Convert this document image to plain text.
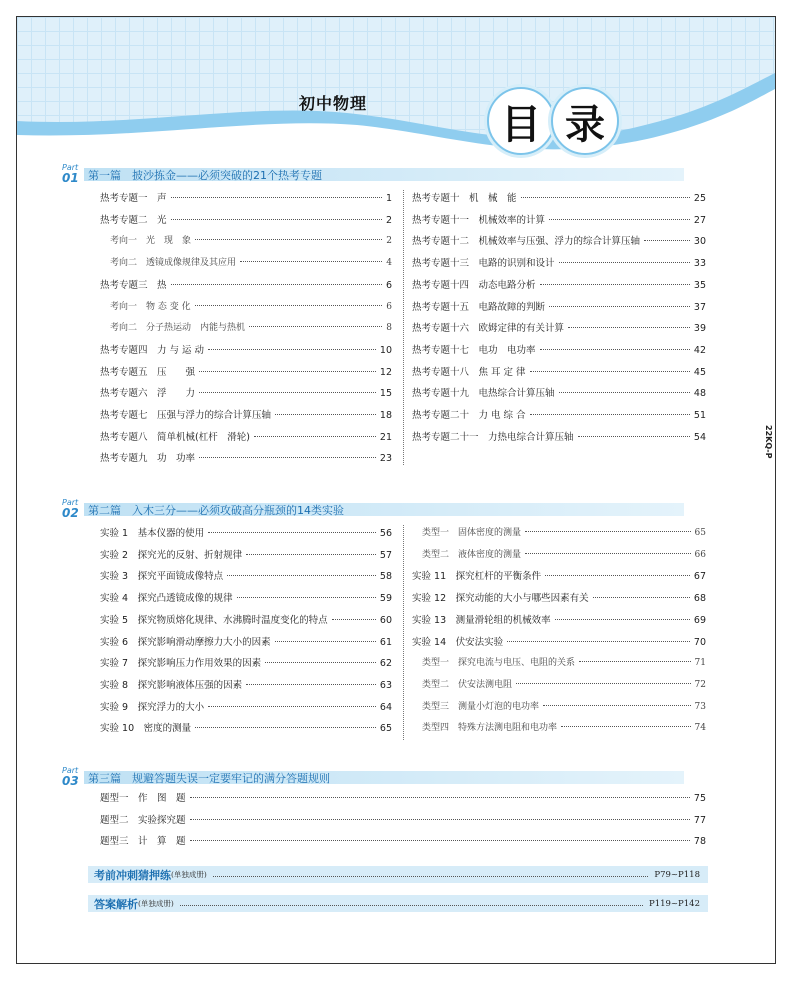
初中物理	目 录
Part
01 第一篇　披沙拣金——必须突破的21个热考专题
热考专题一　声	1
热考专题二　光	2
考向一　光　现　象	2
考向二　透镜成像规律及其应用	4
热考专题三　热	6
考向一　物 态 变 化	6
考向二　分子热运动　内能与热机	8
热考专题四　力 与 运 动	10
热考专题五　压　　强	12
热考专题六　浮　　力	15
热考专题七　压强与浮力的综合计算压轴	18
热考专题八　简单机械(杠杆　滑轮)	21
热考专题九　功　功率	23
热考专题十　机　械　能	25
热考专题十一　机械效率的计算	27
热考专题十二　机械效率与压强、浮力的综合计算压轴	30
热考专题十三　电路的识别和设计	33
热考专题十四　动态电路分析	35
热考专题十五　电路故障的判断	37
热考专题十六　欧姆定律的有关计算	39
热考专题十七　电功　电功率	42
热考专题十八　焦 耳 定 律	45
热考专题十九　电热综合计算压轴	48
热考专题二十　力 电 综 合	51
热考专题二十一　力热电综合计算压轴	54
Part
02 第二篇　入木三分——必须攻破高分瓶颈的14类实验
实验 1　基本仪器的使用	56
实验 2　探究光的反射、折射规律	57
实验 3　探究平面镜成像特点	58
实验 4　探究凸透镜成像的规律	59
实验 5　探究物质熔化规律、水沸腾时温度变化的特点	60
实验 6　探究影响滑动摩擦力大小的因素	61
实验 7　探究影响压力作用效果的因素	62
实验 8　探究影响液体压强的因素	63
实验 9　探究浮力的大小	64
实验 10　密度的测量	65
类型一　固体密度的测量	65
类型二　液体密度的测量	66
实验 11　探究杠杆的平衡条件	67
实验 12　探究动能的大小与哪些因素有关	68
实验 13　测量滑轮组的机械效率	69
实验 14　伏安法实验	70
类型一　探究电流与电压、电阻的关系	71
类型二　伏安法测电阻	72
类型三　测量小灯泡的电功率	73
类型四　特殊方法测电阻和电功率	74
Part
03 第三篇　规避答题失误一定要牢记的满分答题规则
题型一　作　图　题	75
题型二　实验探究题	77
题型三　计　算　题	78
考前冲刺猜押练 (单独成册)	P79~P118
答案解析 (单独成册)	P119~P142
22KQ-P
